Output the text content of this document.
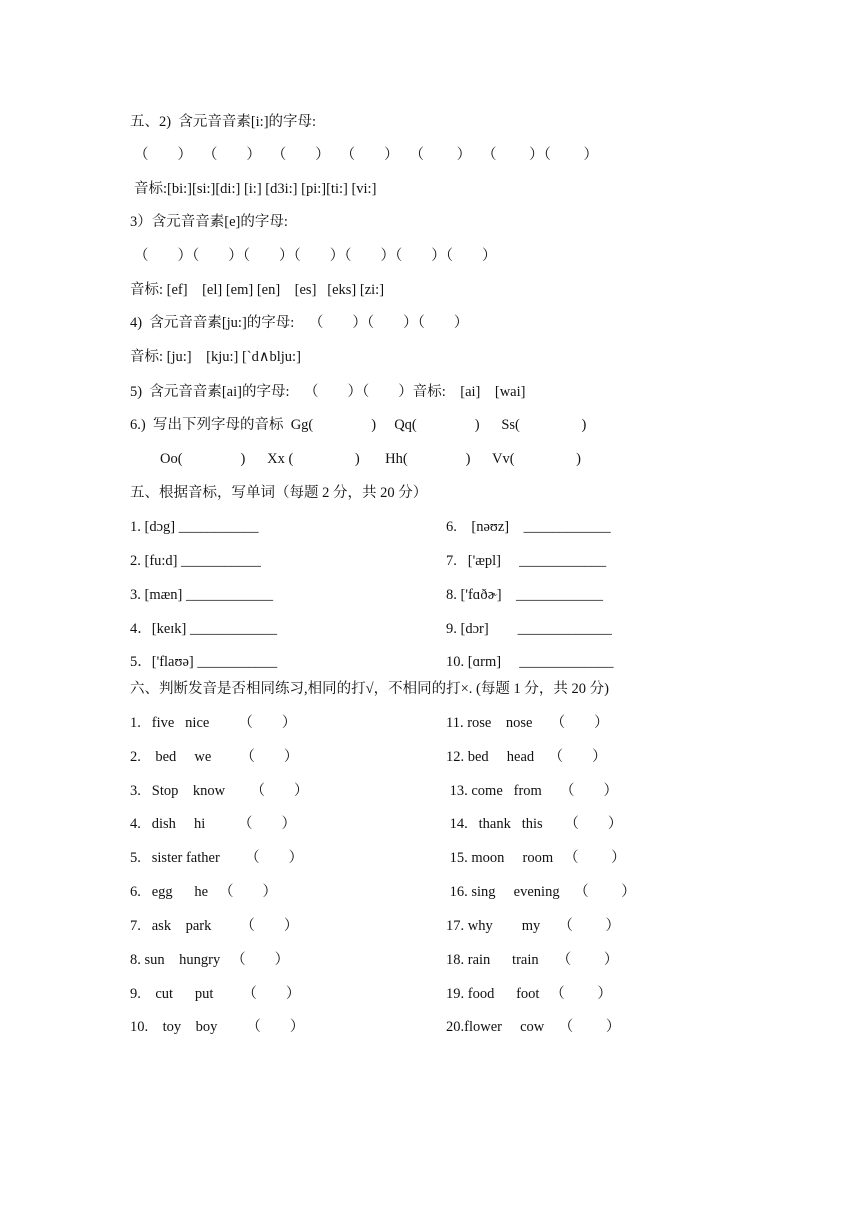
五、2)  含元音音素[i:]的字母:
（        ）   （        ）   （        ）   （        ）   （         ）   （         ）（         ）
音标:[bi:][si:][di:] [i:] [d3i:] [pi:][ti:] [vi:]
3）含元音音素[e]的字母:
（        ）（        ）（        ）（        ）（        ）（        ）（        ）
音标: [ef]    [el] [em] [en]    [es]   [eks] [zi:]
4)  含元音音素[ju:]的字母:    （        ）（        ）（        ）
音标: [ju:]    [kju:] [`d∧blju:]
5)  含元音音素[ai]的字母:    （        ）（        ）音标:    [ai]    [wai]
6.)  写出下列字母的音标  Gg(                )     Qq(                )      Ss(                 )
Oo(                )      Xx (                 )       Hh(                )      Vv(                 )
五、根据音标，写单词（每题 2 分，共 20 分）
1. [dɔg] ___________
2. [fu:d] ___________
3. [mæn] ____________
4．[keɪk] ____________
5．['flaʊə] ___________
6.    [nəʊz]    ____________
7.   ['æpl]     ____________
8. ['fɑðɚ]    ____________
9. [dɔr]        _____________
10. [ɑrm]     _____________
六、判断发音是否相同练习,相同的打√，不相同的打×. (每题 1 分，共 20 分)
1.   five   nice        （        ）
2.    bed     we        （        ）
3.   Stop    know       （        ）
4.   dish     hi         （        ）
5.   sister father       （        ）
6.   egg      he   （        ）
7.   ask    park        （        ）
8. sun    hungry   （        ）
9.    cut      put        （        ）
10.    toy    boy        （        ）
11. rose    nose     （        ）
12. bed     head    （        ）
13. come   from     （        ）
14.   thank   this      （        ）
15. moon     room   （         ）
16. sing     evening    （         ）
17. why        my     （         ）
18. rain      train     （         ）
19. food      foot   （         ）
20.flower     cow    （         ）
